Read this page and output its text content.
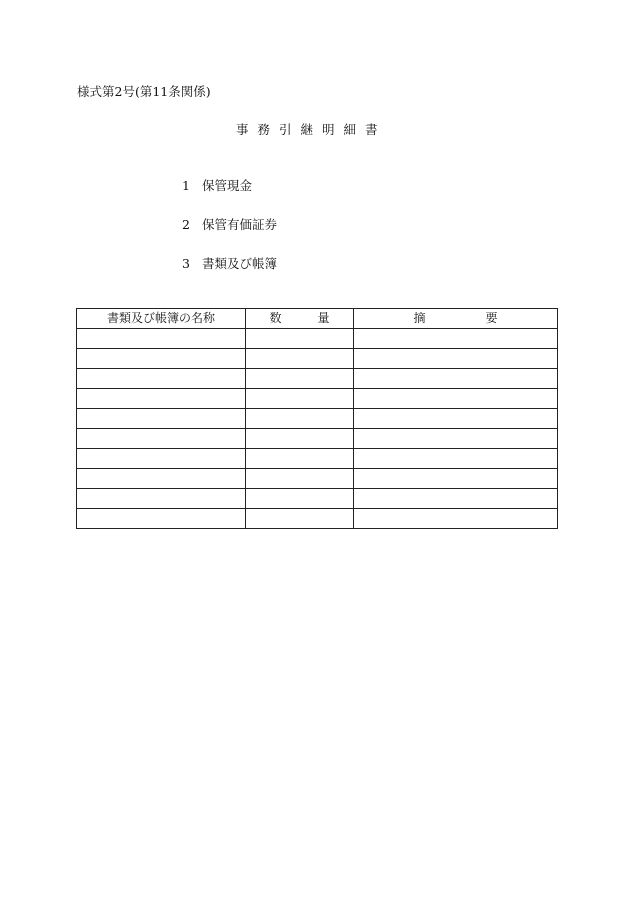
様式第2号(第11条関係)
事務引継明細書
1 保管現金
2 保管有価証券
3 書類及び帳簿
書類及び帳簿の名称	数　　　量	摘　　　　　要
